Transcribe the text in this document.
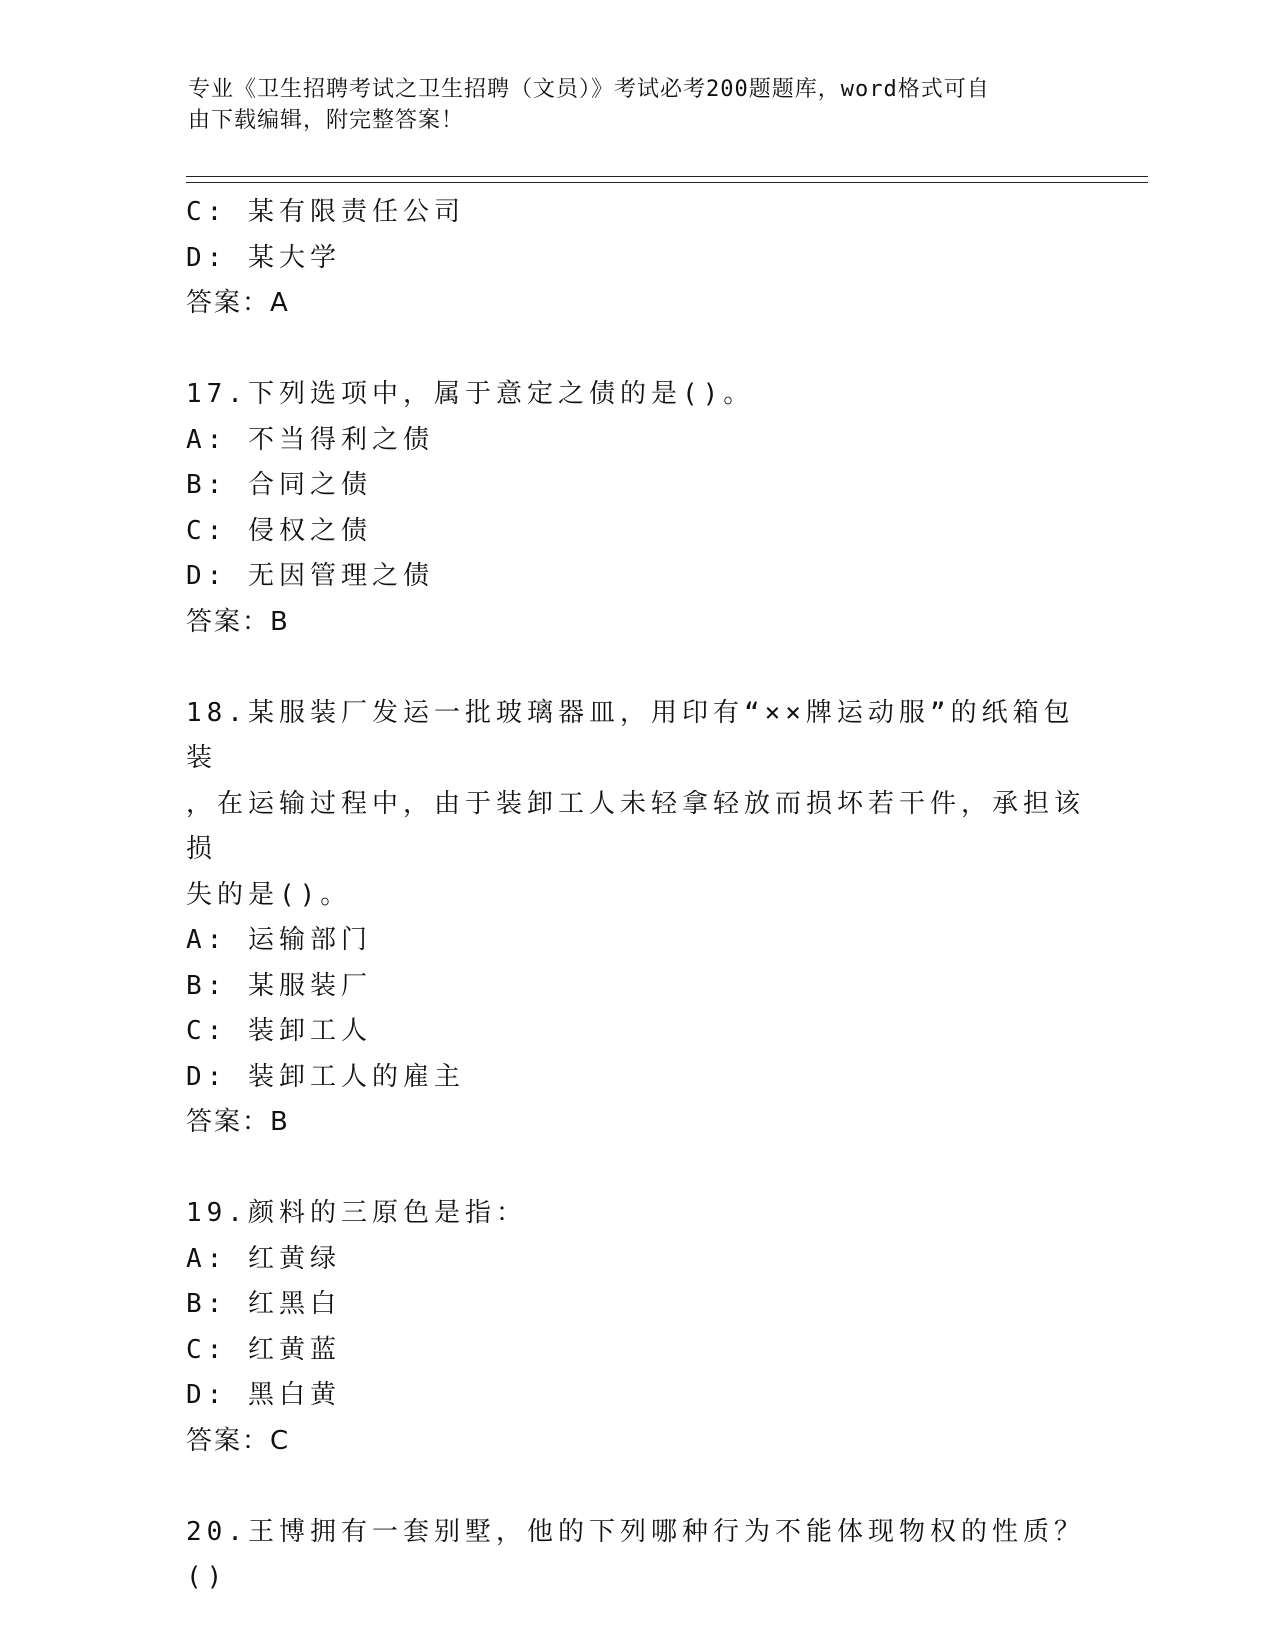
专业《卫生招聘考试之卫生招聘（文员）》考试必考200题题库，word格式可自
由下载编辑，附完整答案！
C: 某有限责任公司
D: 某大学
答案：A
17.下列选项中，属于意定之债的是()。
A: 不当得利之债
B: 合同之债
C: 侵权之债
D: 无因管理之债
答案：B
18.某服装厂发运一批玻璃器皿，用印有“××牌运动服”的纸箱包装
，在运输过程中，由于装卸工人未轻拿轻放而损坏若干件，承担该损
失的是()。
A: 运输部门
B: 某服装厂
C: 装卸工人
D: 装卸工人的雇主
答案：B
19.颜料的三原色是指：
A: 红黄绿
B: 红黑白
C: 红黄蓝
D: 黑白黄
答案：C
20.王博拥有一套别墅，他的下列哪种行为不能体现物权的性质？()
